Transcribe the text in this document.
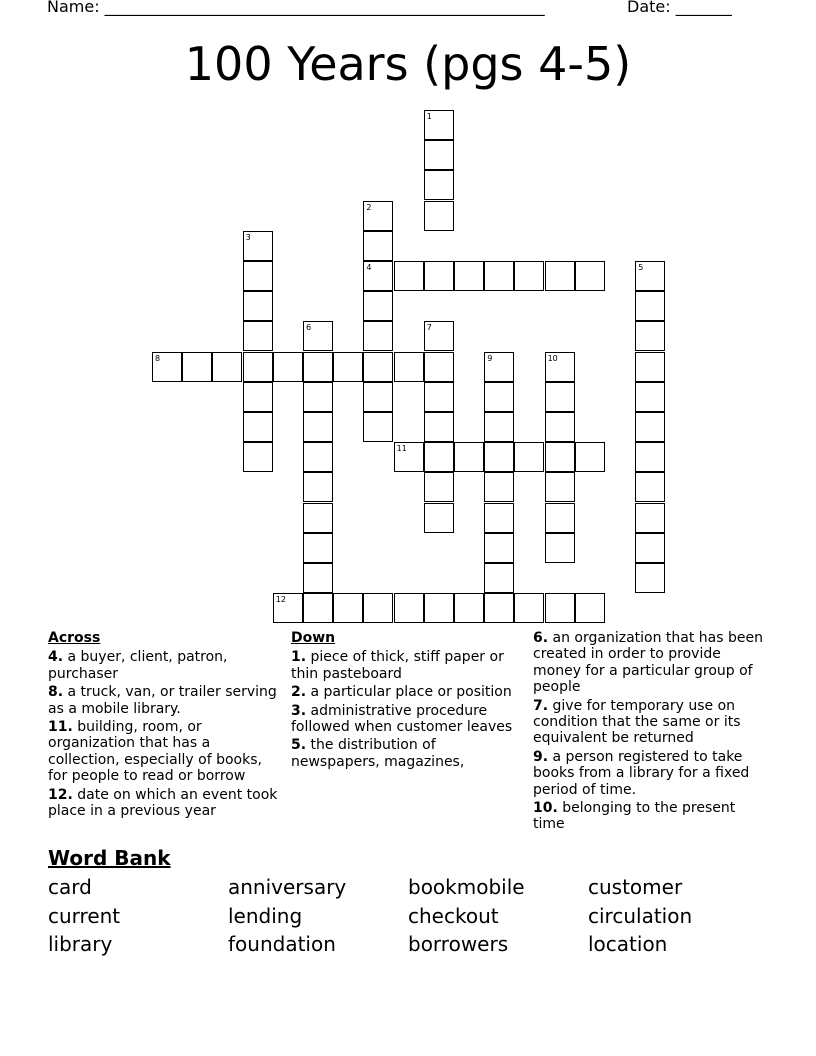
Name: _______________________________________________________	Date: _______
100 Years (pgs 4-5)
1
2
4
3
5
6	7
8	9	10
11
12
Across
4. a buyer, client, patron, purchaser
8. a truck, van, or trailer serving as a mobile library.
11. building, room, or organization that has a collection, especially of books, for people to read or borrow
12. date on which an event took place in a previous year
Down
1. piece of thick, stiff paper or thin pasteboard
2. a particular place or position
3. administrative procedure followed when customer leaves
5. the distribution of newspapers, magazines,
6. an organization that has been created in order to provide money for a particular group of people
7. give for temporary use on condition that the same or its equivalent be returned
9. a person registered to take books from a library for a fixed period of time.
10. belonging to the present time
Word Bank
card	anniversary	bookmobile	customer
current	lending	checkout	circulation
library	foundation	borrowers	location
